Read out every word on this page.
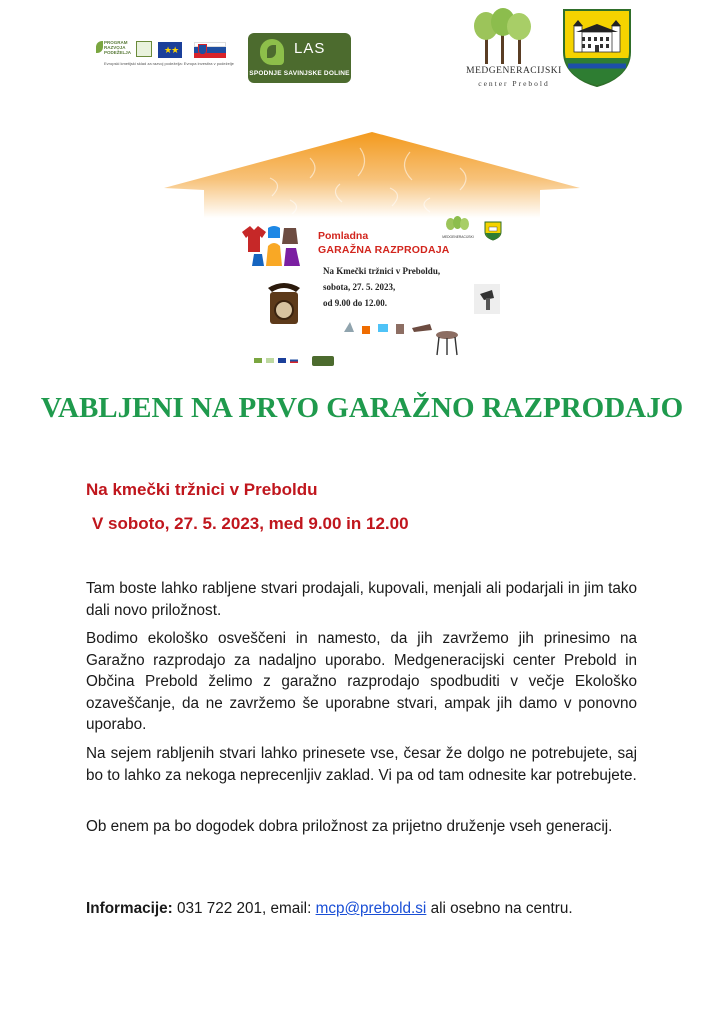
PROGRAM
RAZVOJA
PODEŽELJA	★★
Evropski kmetijski sklad za razvoj podeželja: Evropa investira v podeželje
LAS
SPODNJE SAVINJSKE DOLINE	MEDGENERACIJSKI
center Prebold
Pomladna
GARAŽNA RAZPRODAJA
Na Kmečki tržnici v Preboldu,
sobota, 27. 5. 2023,
od 9.00 do 12.00.
MEDGENERACIJSKI
VABLJENI NA PRVO GARAŽNO RAZPRODAJO
Na kmečki tržnici v Preboldu
V soboto, 27. 5. 2023, med 9.00 in 12.00
Tam boste lahko rabljene stvari prodajali, kupovali, menjali ali podarjali in jim tako dali novo priložnost.
Bodimo ekološko osveščeni in namesto, da jih zavržemo jih prinesimo na Garažno razprodajo za nadaljno uporabo. Medgeneracijski center Prebold in Občina Prebold želimo z garažno razprodajo spodbuditi v večje Ekološko ozaveščanje, da ne zavržemo še uporabne stvari, ampak jih damo v ponovno uporabo.
Na sejem rabljenih stvari lahko prinesete vse, česar že dolgo ne potrebujete, saj bo to lahko za nekoga neprecenljiv zaklad. Vi pa od tam odnesite kar potrebujete.
Ob enem pa bo dogodek dobra priložnost za prijetno druženje vseh generacij.
Informacije: 031 722 201, email: mcp@prebold.si ali osebno na centru.
